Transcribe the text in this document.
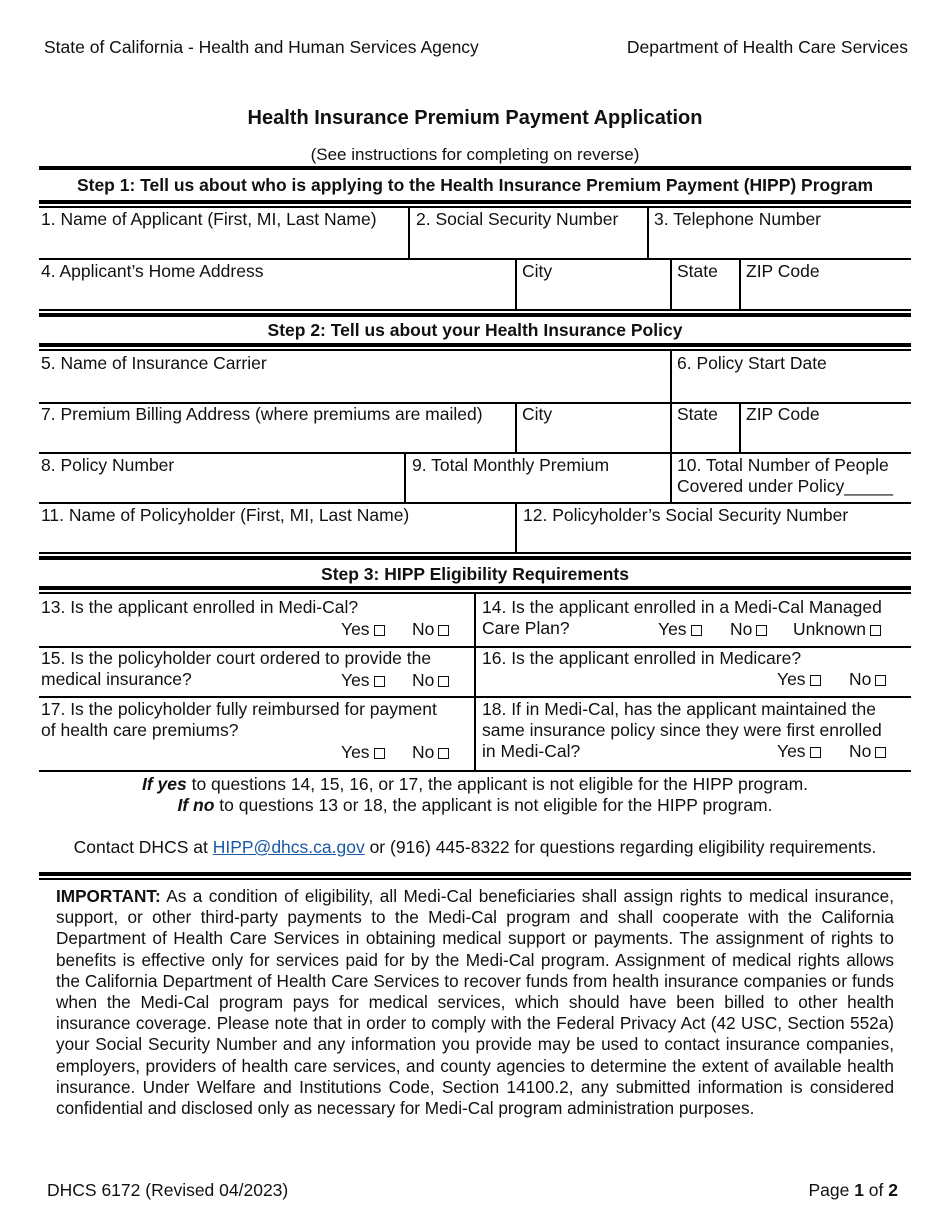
State of California - Health and Human Services Agency	Department of Health Care Services
Health Insurance Premium Payment Application
(See instructions for completing on reverse)
Step 1: Tell us about who is applying to the Health Insurance Premium Payment (HIPP) Program
1. Name of Applicant (First, MI, Last Name) 2. Social Security Number 3. Telephone Number
4. Applicant’s Home Address	City	State ZIP Code
Step 2: Tell us about your Health Insurance Policy
5. Name of Insurance Carrier	6. Policy Start Date
7. Premium Billing Address (where premiums are mailed) City	State ZIP Code
8. Policy Number	9. Total Monthly Premium	10. Total Number of People
Covered under Policy_____
11. Name of Policyholder (First, MI, Last Name)	12. Policyholder’s Social Security Number
Step 3: HIPP Eligibility Requirements
13. Is the applicant enrolled in Medi-Cal?
Yes	No
14. Is the applicant enrolled in a Medi-Cal Managed
Care Plan?	Yes	No	Unknown
15. Is the policyholder court ordered to provide the
medical insurance?	Yes	No
16. Is the applicant enrolled in Medicare?
Yes	No
17. Is the policyholder fully reimbursed for payment
of health care premiums?
Yes	No
18. If in Medi-Cal, has the applicant maintained the
same insurance policy since they were first enrolled
in Medi-Cal?	Yes	No
If yes to questions 14, 15, 16, or 17, the applicant is not eligible for the HIPP program.
If no to questions 13 or 18, the applicant is not eligible for the HIPP program.
Contact DHCS at HIPP@dhcs.ca.gov or (916) 445-8322 for questions regarding eligibility requirements.
IMPORTANT: As a condition of eligibility, all Medi-Cal beneficiaries shall assign rights to medical insurance, support, or other third-party payments to the Medi-Cal program and shall cooperate with the California Department of Health Care Services in obtaining medical support or payments. The assignment of rights to benefits is effective only for services paid for by the Medi-Cal program. Assignment of medical rights allows the California Department of Health Care Services to recover funds from health insurance companies or funds when the Medi-Cal program pays for medical services, which should have been billed to other health insurance coverage. Please note that in order to comply with the Federal Privacy Act (42 USC, Section 552a) your Social Security Number and any information you provide may be used to contact insurance companies, employers, providers of health care services, and county agencies to determine the extent of available health insurance. Under Welfare and Institutions Code, Section 14100.2, any submitted information is considered confidential and disclosed only as necessary for Medi-Cal program administration purposes.
DHCS 6172 (Revised 04/2023)	Page 1 of 2
